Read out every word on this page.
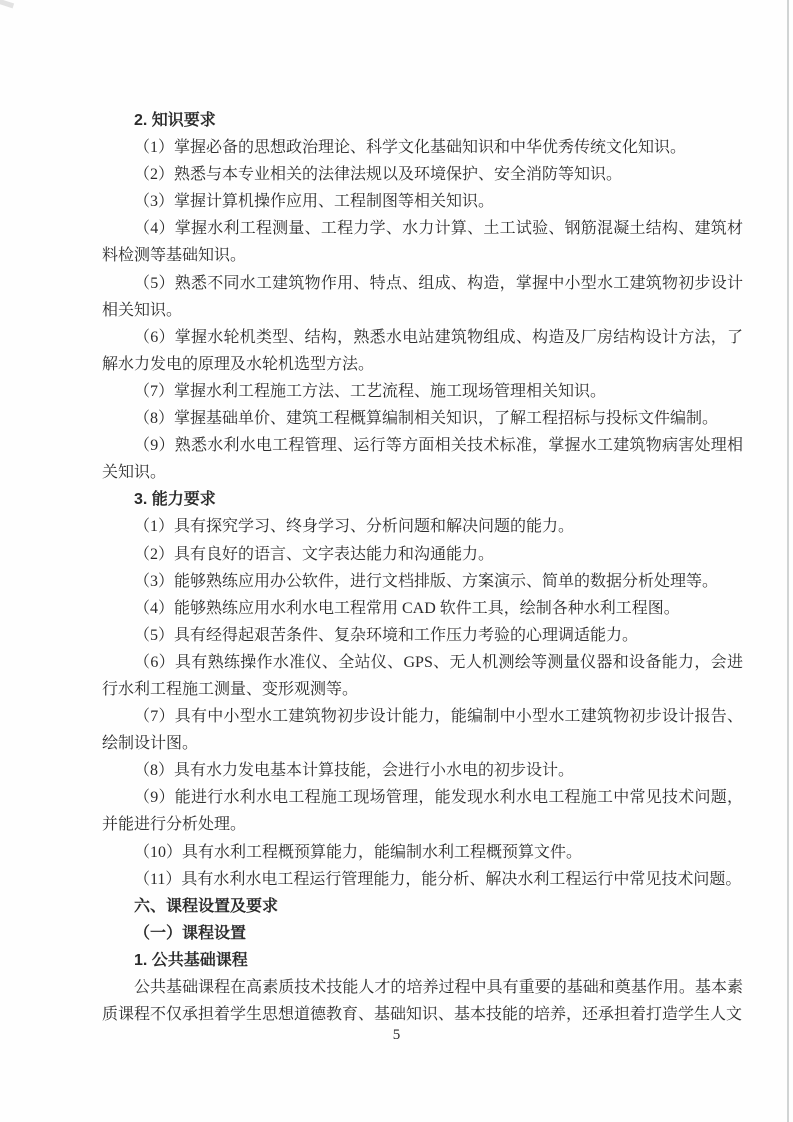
2. 知识要求

（1）掌握必备的思想政治理论、科学文化基础知识和中华优秀传统文化知识。

（2）熟悉与本专业相关的法律法规以及环境保护、安全消防等知识。

（3）掌握计算机操作应用、工程制图等相关知识。

（4）掌握水利工程测量、工程力学、水力计算、土工试验、钢筋混凝土结构、建筑材料检测等基础知识。

（5）熟悉不同水工建筑物作用、特点、组成、构造，掌握中小型水工建筑物初步设计相关知识。

（6）掌握水轮机类型、结构，熟悉水电站建筑物组成、构造及厂房结构设计方法，了解水力发电的原理及水轮机选型方法。

（7）掌握水利工程施工方法、工艺流程、施工现场管理相关知识。

（8）掌握基础单价、建筑工程概算编制相关知识，了解工程招标与投标文件编制。

（9）熟悉水利水电工程管理、运行等方面相关技术标准，掌握水工建筑物病害处理相关知识。

3. 能力要求

（1）具有探究学习、终身学习、分析问题和解决问题的能力。

（2）具有良好的语言、文字表达能力和沟通能力。

（3）能够熟练应用办公软件，进行文档排版、方案演示、简单的数据分析处理等。

（4）能够熟练应用水利水电工程常用 CAD 软件工具，绘制各种水利工程图。

（5）具有经得起艰苦条件、复杂环境和工作压力考验的心理调适能力。

（6）具有熟练操作水准仪、全站仪、GPS、无人机测绘等测量仪器和设备能力，会进行水利工程施工测量、变形观测等。

（7）具有中小型水工建筑物初步设计能力，能编制中小型水工建筑物初步设计报告、绘制设计图。

（8）具有水力发电基本计算技能，会进行小水电的初步设计。

（9）能进行水利水电工程施工现场管理，能发现水利水电工程施工中常见技术问题，并能进行分析处理。

（10）具有水利工程概预算能力，能编制水利工程概预算文件。

（11）具有水利水电工程运行管理能力，能分析、解决水利工程运行中常见技术问题。

六、课程设置及要求

（一）课程设置

1. 公共基础课程

公共基础课程在高素质技术技能人才的培养过程中具有重要的基础和奠基作用。基本素质课程不仅承担着学生思想道德教育、基础知识、基本技能的培养，还承担着打造学生人文

5
